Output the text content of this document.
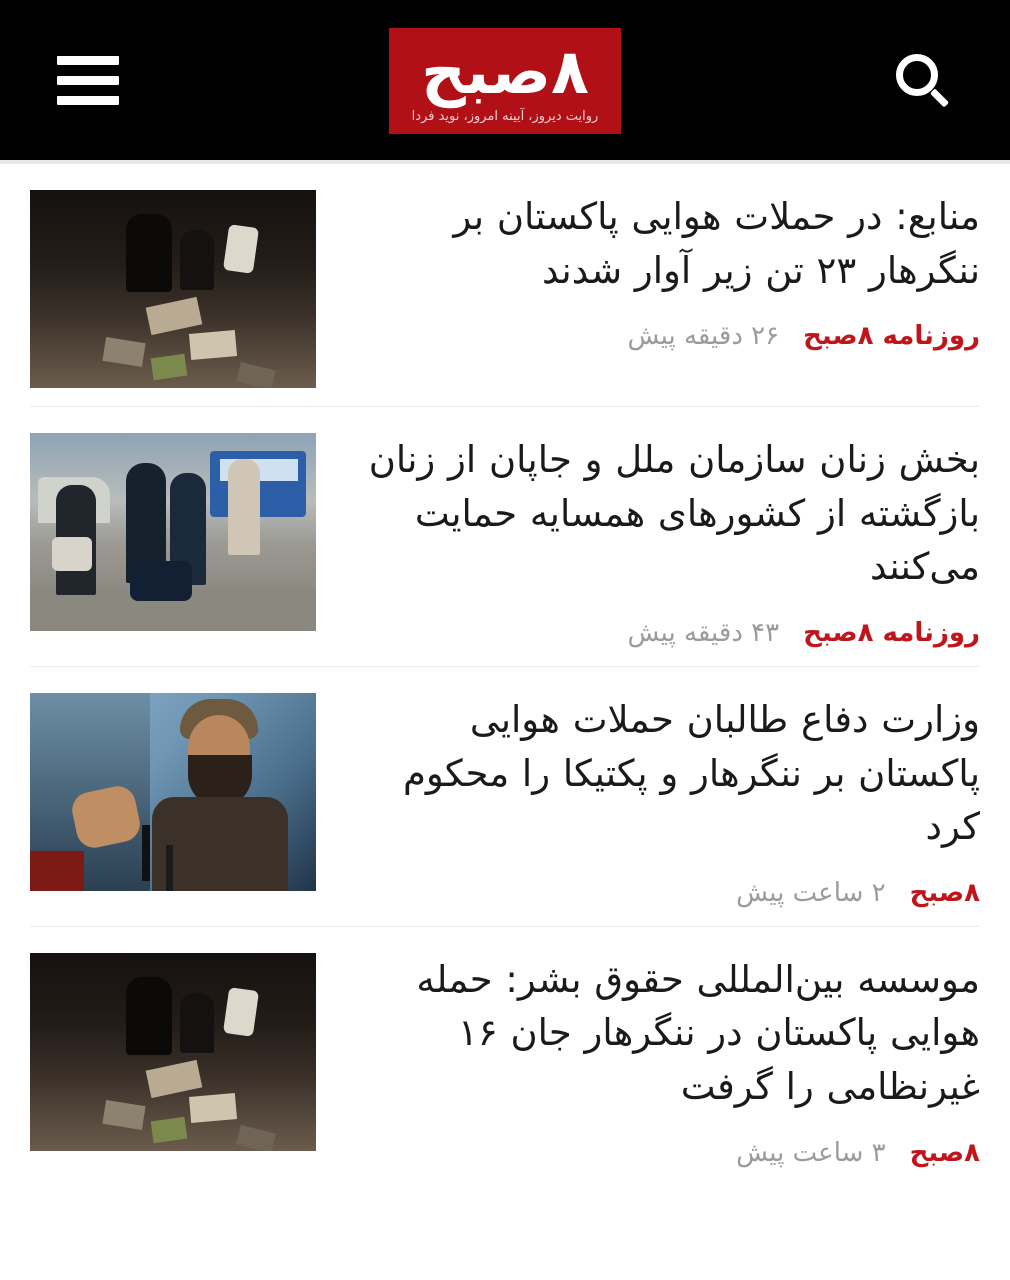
۸صبح
روایت دیروز، آیینه امروز، نوید فردا
منابع: در حملات هوایی پاکستان بر ننگرهار ۲۳ تن زیر آوار شدند
روزنامه ۸صبح
۲۶ دقیقه پیش
بخش زنان سازمان ملل و جاپان از زنان بازگشته از کشورهای همسایه حمایت می‌کنند
روزنامه ۸صبح
۴۳ دقیقه پیش
وزارت دفاع طالبان حملات هوایی پاکستان بر ننگرهار و پکتیکا را محکوم کرد
۸صبح
۲ ساعت پیش
موسسه بین‌المللی حقوق بشر: حمله هوایی پاکستان در ننگرهار جان ۱۶ غیرنظامی را گرفت
۸صبح
۳ ساعت پیش
